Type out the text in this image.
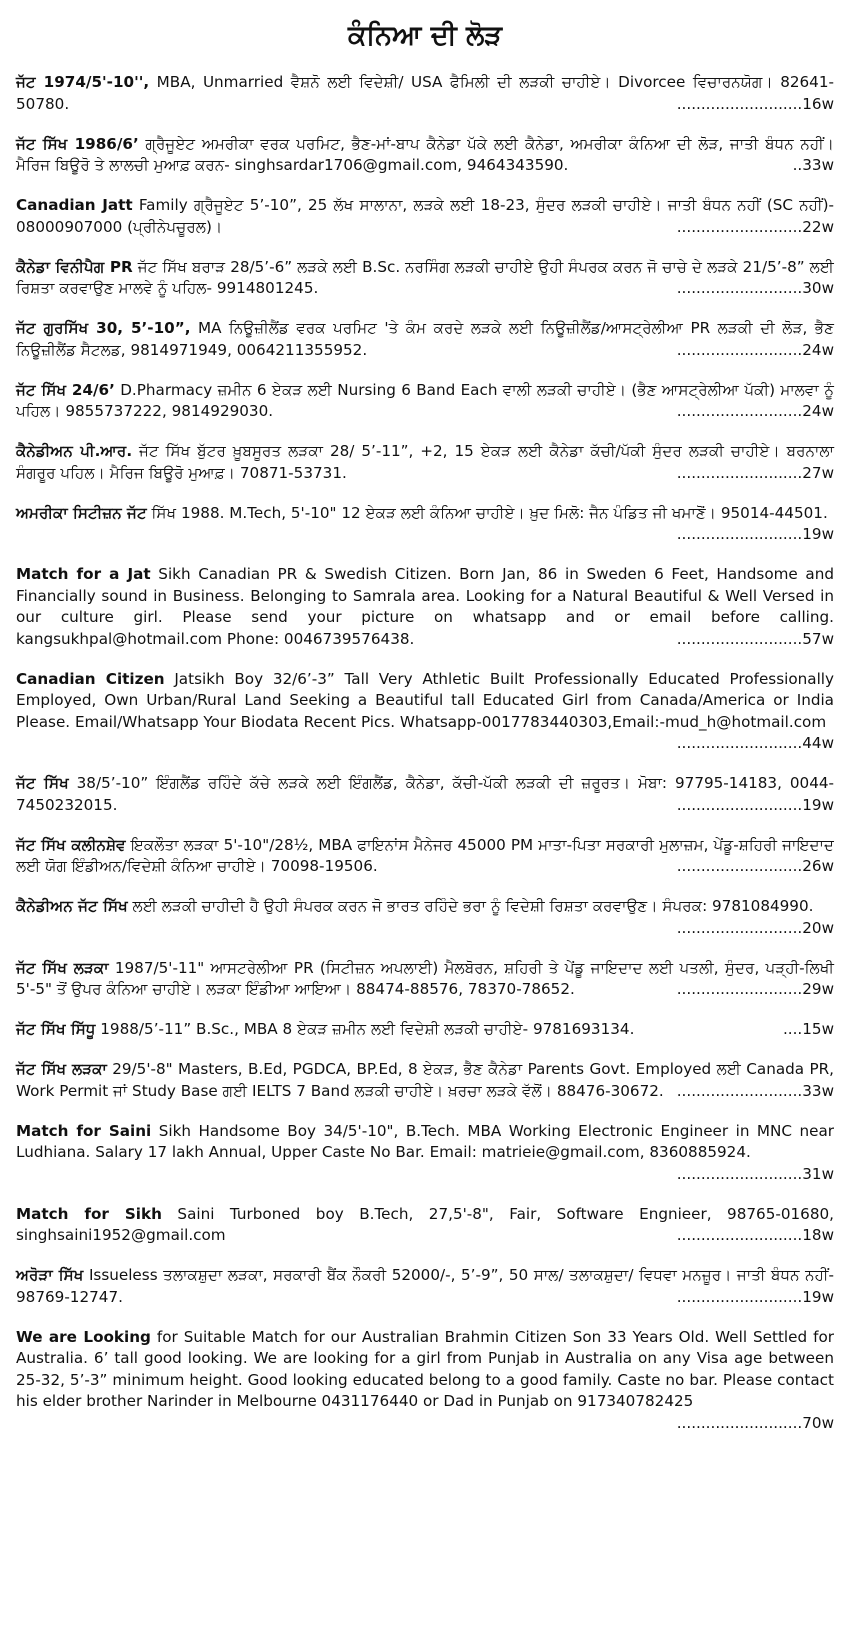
ਕੰਨਿਆ ਦੀ ਲੋੜ
ਜੱਟ 1974/5'-10'', MBA, Unmarried ਵੈਸ਼ਨੋ ਲਈ ਵਿਦੇਸ਼ੀ/ USA ਫੈਮਿਲੀ ਦੀ ਲੜਕੀ ਚਾਹੀਏ। Divorcee ਵਿਚਾਰਨਯੋਗ। 82641-50780.	..........................16w
ਜੱਟ ਸਿੱਖ 1986/6’ ਗ੍ਰੈਜੂਏਟ ਅਮਰੀਕਾ ਵਰਕ ਪਰਮਿਟ, ਭੈਣ-ਮਾਂ-ਬਾਪ ਕੈਨੇਡਾ ਪੱਕੇ ਲਈ ਕੈਨੇਡਾ, ਅਮਰੀਕਾ ਕੰਨਿਆ ਦੀ ਲੋੜ, ਜਾਤੀ ਬੰਧਨ ਨਹੀਂ। ਮੈਰਿਜ ਬਿਊਰੋ ਤੇ ਲਾਲਚੀ ਮੁਆਫ਼ ਕਰਨ- singhsardar1706@gmail.com, 9464343590.	..33w
Canadian Jatt Family ਗ੍ਰੈਜੂਏਟ 5’-10”, 25 ਲੱਖ ਸਾਲਾਨਾ, ਲੜਕੇ ਲਈ 18-23, ਸੁੰਦਰ ਲੜਕੀ ਚਾਹੀਏ। ਜਾਤੀ ਬੰਧਨ ਨਹੀਂ (SC ਨਹੀਂ)- 08000907000 (ਪ੍ਰੀਨੇਪਚੂਰਲ)।	..........................22w
ਕੈਨੇਡਾ ਵਿਨੀਪੈਗ PR ਜੱਟ ਸਿੱਖ ਬਰਾੜ 28/5’-6” ਲੜਕੇ ਲਈ B.Sc. ਨਰਸਿੰਗ ਲੜਕੀ ਚਾਹੀਏ ਉਹੀ ਸੰਪਰਕ ਕਰਨ ਜੋ ਚਾਚੇ ਦੇ ਲੜਕੇ 21/5’-8” ਲਈ ਰਿਸ਼ਤਾ ਕਰਵਾਉਣ ਮਾਲਵੇ ਨੂੰ ਪਹਿਲ- 9914801245.	..........................30w
ਜੱਟ ਗੁਰਸਿੱਖ 30, 5’-10”, MA ਨਿਊਜ਼ੀਲੈਂਡ ਵਰਕ ਪਰਮਿਟ 'ਤੇ ਕੰਮ ਕਰਦੇ ਲੜਕੇ ਲਈ ਨਿਊਜ਼ੀਲੈਂਡ/ਆਸਟ੍ਰੇਲੀਆ PR ਲੜਕੀ ਦੀ ਲੋੜ, ਭੈਣ ਨਿਊਜ਼ੀਲੈਂਡ ਸੈਟਲਡ, 9814971949, 0064211355952.	..........................24w
ਜੱਟ ਸਿੱਖ 24/6’ D.Pharmacy ਜ਼ਮੀਨ 6 ਏਕੜ ਲਈ Nursing 6 Band Each ਵਾਲੀ ਲੜਕੀ ਚਾਹੀਏ। (ਭੈਣ ਆਸਟ੍ਰੇਲੀਆ ਪੱਕੀ) ਮਾਲਵਾ ਨੂੰ ਪਹਿਲ। 9855737222, 9814929030.	..........................24w
ਕੈਨੇਡੀਅਨ ਪੀ.ਆਰ. ਜੱਟ ਸਿੱਖ ਬੁੱਟਰ ਖ਼ੂਬਸੂਰਤ ਲੜਕਾ 28/ 5’-11”, +2, 15 ਏਕੜ ਲਈ ਕੈਨੇਡਾ ਕੱਚੀ/ਪੱਕੀ ਸੁੰਦਰ ਲੜਕੀ ਚਾਹੀਏ। ਬਰਨਾਲਾ ਸੰਗਰੂਰ ਪਹਿਲ। ਮੈਰਿਜ ਬਿਊਰੋ ਮੁਆਫ਼। 70871-53731.	..........................27w
ਅਮਰੀਕਾ ਸਿਟੀਜ਼ਨ ਜੱਟ ਸਿੱਖ 1988. M.Tech, 5'-10" 12 ਏਕੜ ਲਈ ਕੰਨਿਆ ਚਾਹੀਏ। ਖ਼ੁਦ ਮਿਲੋ: ਜੈਨ ਪੰਡਿਤ ਜੀ ਖਮਾਣੋਂ। 95014-44501.
..........................19w
Match for a Jat Sikh Canadian PR & Swedish Citizen. Born Jan, 86 in Sweden 6 Feet, Handsome and Financially sound in Business. Belonging to Samrala area. Looking for a Natural Beautiful & Well Versed in our culture girl. Please send your picture on whatsapp and or email before calling. kangsukhpal@hotmail.com Phone: 0046739576438.	..........................57w
Canadian Citizen Jatsikh Boy 32/6’-3” Tall Very Athletic Built Professionally Educated Professionally Employed, Own Urban/Rural Land Seeking a Beautiful tall Educated Girl from Canada/America or India Please. Email/Whatsapp Your Biodata Recent Pics. Whatsapp-0017783440303,Email:-mud_h@hotmail.com
..........................44w
ਜੱਟ ਸਿੱਖ 38/5’-10” ਇੰਗਲੈਂਡ ਰਹਿੰਦੇ ਕੱਚੇ ਲੜਕੇ ਲਈ ਇੰਗਲੈਂਡ, ਕੈਨੇਡਾ, ਕੱਚੀ-ਪੱਕੀ ਲੜਕੀ ਦੀ ਜ਼ਰੂਰਤ। ਮੋਬਾ: 97795-14183, 0044-7450232015.	..........................19w
ਜੱਟ ਸਿੱਖ ਕਲੀਨਸ਼ੇਵ ਇਕਲੌਤਾ ਲੜਕਾ 5'-10"/28½, MBA ਫਾਇਨਾਂਸ ਮੈਨੇਜਰ 45000 PM ਮਾਤਾ-ਪਿਤਾ ਸਰਕਾਰੀ ਮੁਲਾਜ਼ਮ, ਪੇਂਡੂ-ਸ਼ਹਿਰੀ ਜਾਇਦਾਦ ਲਈ ਯੋਗ ਇੰਡੀਅਨ/ਵਿਦੇਸ਼ੀ ਕੰਨਿਆ ਚਾਹੀਏ। 70098-19506.	..........................26w
ਕੈਨੇਡੀਅਨ ਜੱਟ ਸਿੱਖ ਲਈ ਲੜਕੀ ਚਾਹੀਦੀ ਹੈ ਉਹੀ ਸੰਪਰਕ ਕਰਨ ਜੋ ਭਾਰਤ ਰਹਿੰਦੇ ਭਰਾ ਨੂੰ ਵਿਦੇਸ਼ੀ ਰਿਸ਼ਤਾ ਕਰਵਾਉਣ। ਸੰਪਰਕ: 9781084990.
..........................20w
ਜੱਟ ਸਿੱਖ ਲੜਕਾ 1987/5'-11" ਆਸਟਰੇਲੀਆ PR (ਸਿਟੀਜ਼ਨ ਅਪਲਾਈ) ਮੈਲਬੋਰਨ, ਸ਼ਹਿਰੀ ਤੇ ਪੇਂਡੂ ਜਾਇਦਾਦ ਲਈ ਪਤਲੀ, ਸੁੰਦਰ, ਪੜ੍ਹੀ-ਲਿਖੀ 5'-5" ਤੋਂ ਉਪਰ ਕੰਨਿਆ ਚਾਹੀਏ। ਲੜਕਾ ਇੰਡੀਆ ਆਇਆ। 88474-88576, 78370-78652.	..........................29w
ਜੱਟ ਸਿੱਖ ਸਿੱਧੂ 1988/5’-11” B.Sc., MBA 8 ਏਕੜ ਜ਼ਮੀਨ ਲਈ ਵਿਦੇਸ਼ੀ ਲੜਕੀ ਚਾਹੀਏ- 9781693134.	....15w
ਜੱਟ ਸਿੱਖ ਲੜਕਾ 29/5'-8" Masters, B.Ed, PGDCA, BP.Ed, 8 ਏਕੜ, ਭੈਣ ਕੈਨੇਡਾ Parents Govt. Employed ਲਈ Canada PR, Work Permit ਜਾਂ Study Base ਗਈ IELTS 7 Band ਲੜਕੀ ਚਾਹੀਏ। ਖ਼ਰਚਾ ਲੜਕੇ ਵੱਲੋਂ। 88476-30672. ..........................33w
Match for Saini Sikh Handsome Boy 34/5'-10", B.Tech. MBA Working Electronic Engineer in MNC near Ludhiana. Salary 17 lakh Annual, Upper Caste No Bar. Email: matrieie@gmail.com, 8360885924.
..........................31w
Match for Sikh Saini Turboned boy B.Tech, 27,5'-8", Fair, Software Engnieer, 98765-01680, singhsaini1952@gmail.com	..........................18w
ਅਰੋੜਾ ਸਿੱਖ Issueless ਤਲਾਕਸ਼ੁਦਾ ਲੜਕਾ, ਸਰਕਾਰੀ ਬੈਂਕ ਨੌਕਰੀ 52000/-, 5’-9”, 50 ਸਾਲ/ ਤਲਾਕਸ਼ੁਦਾ/ ਵਿਧਵਾ ਮਨਜ਼ੂਰ। ਜਾਤੀ ਬੰਧਨ ਨਹੀਂ- 98769-12747.	..........................19w
We are Looking for Suitable Match for our Australian Brahmin Citizen Son 33 Years Old. Well Settled for Australia. 6’ tall good looking. We are looking for a girl from Punjab in Australia on any Visa age between 25-32, 5’-3” minimum height. Good looking educated belong to a good family. Caste no bar. Please contact his elder brother Narinder in Melbourne 0431176440 or Dad in Punjab on 917340782425
..........................70w
